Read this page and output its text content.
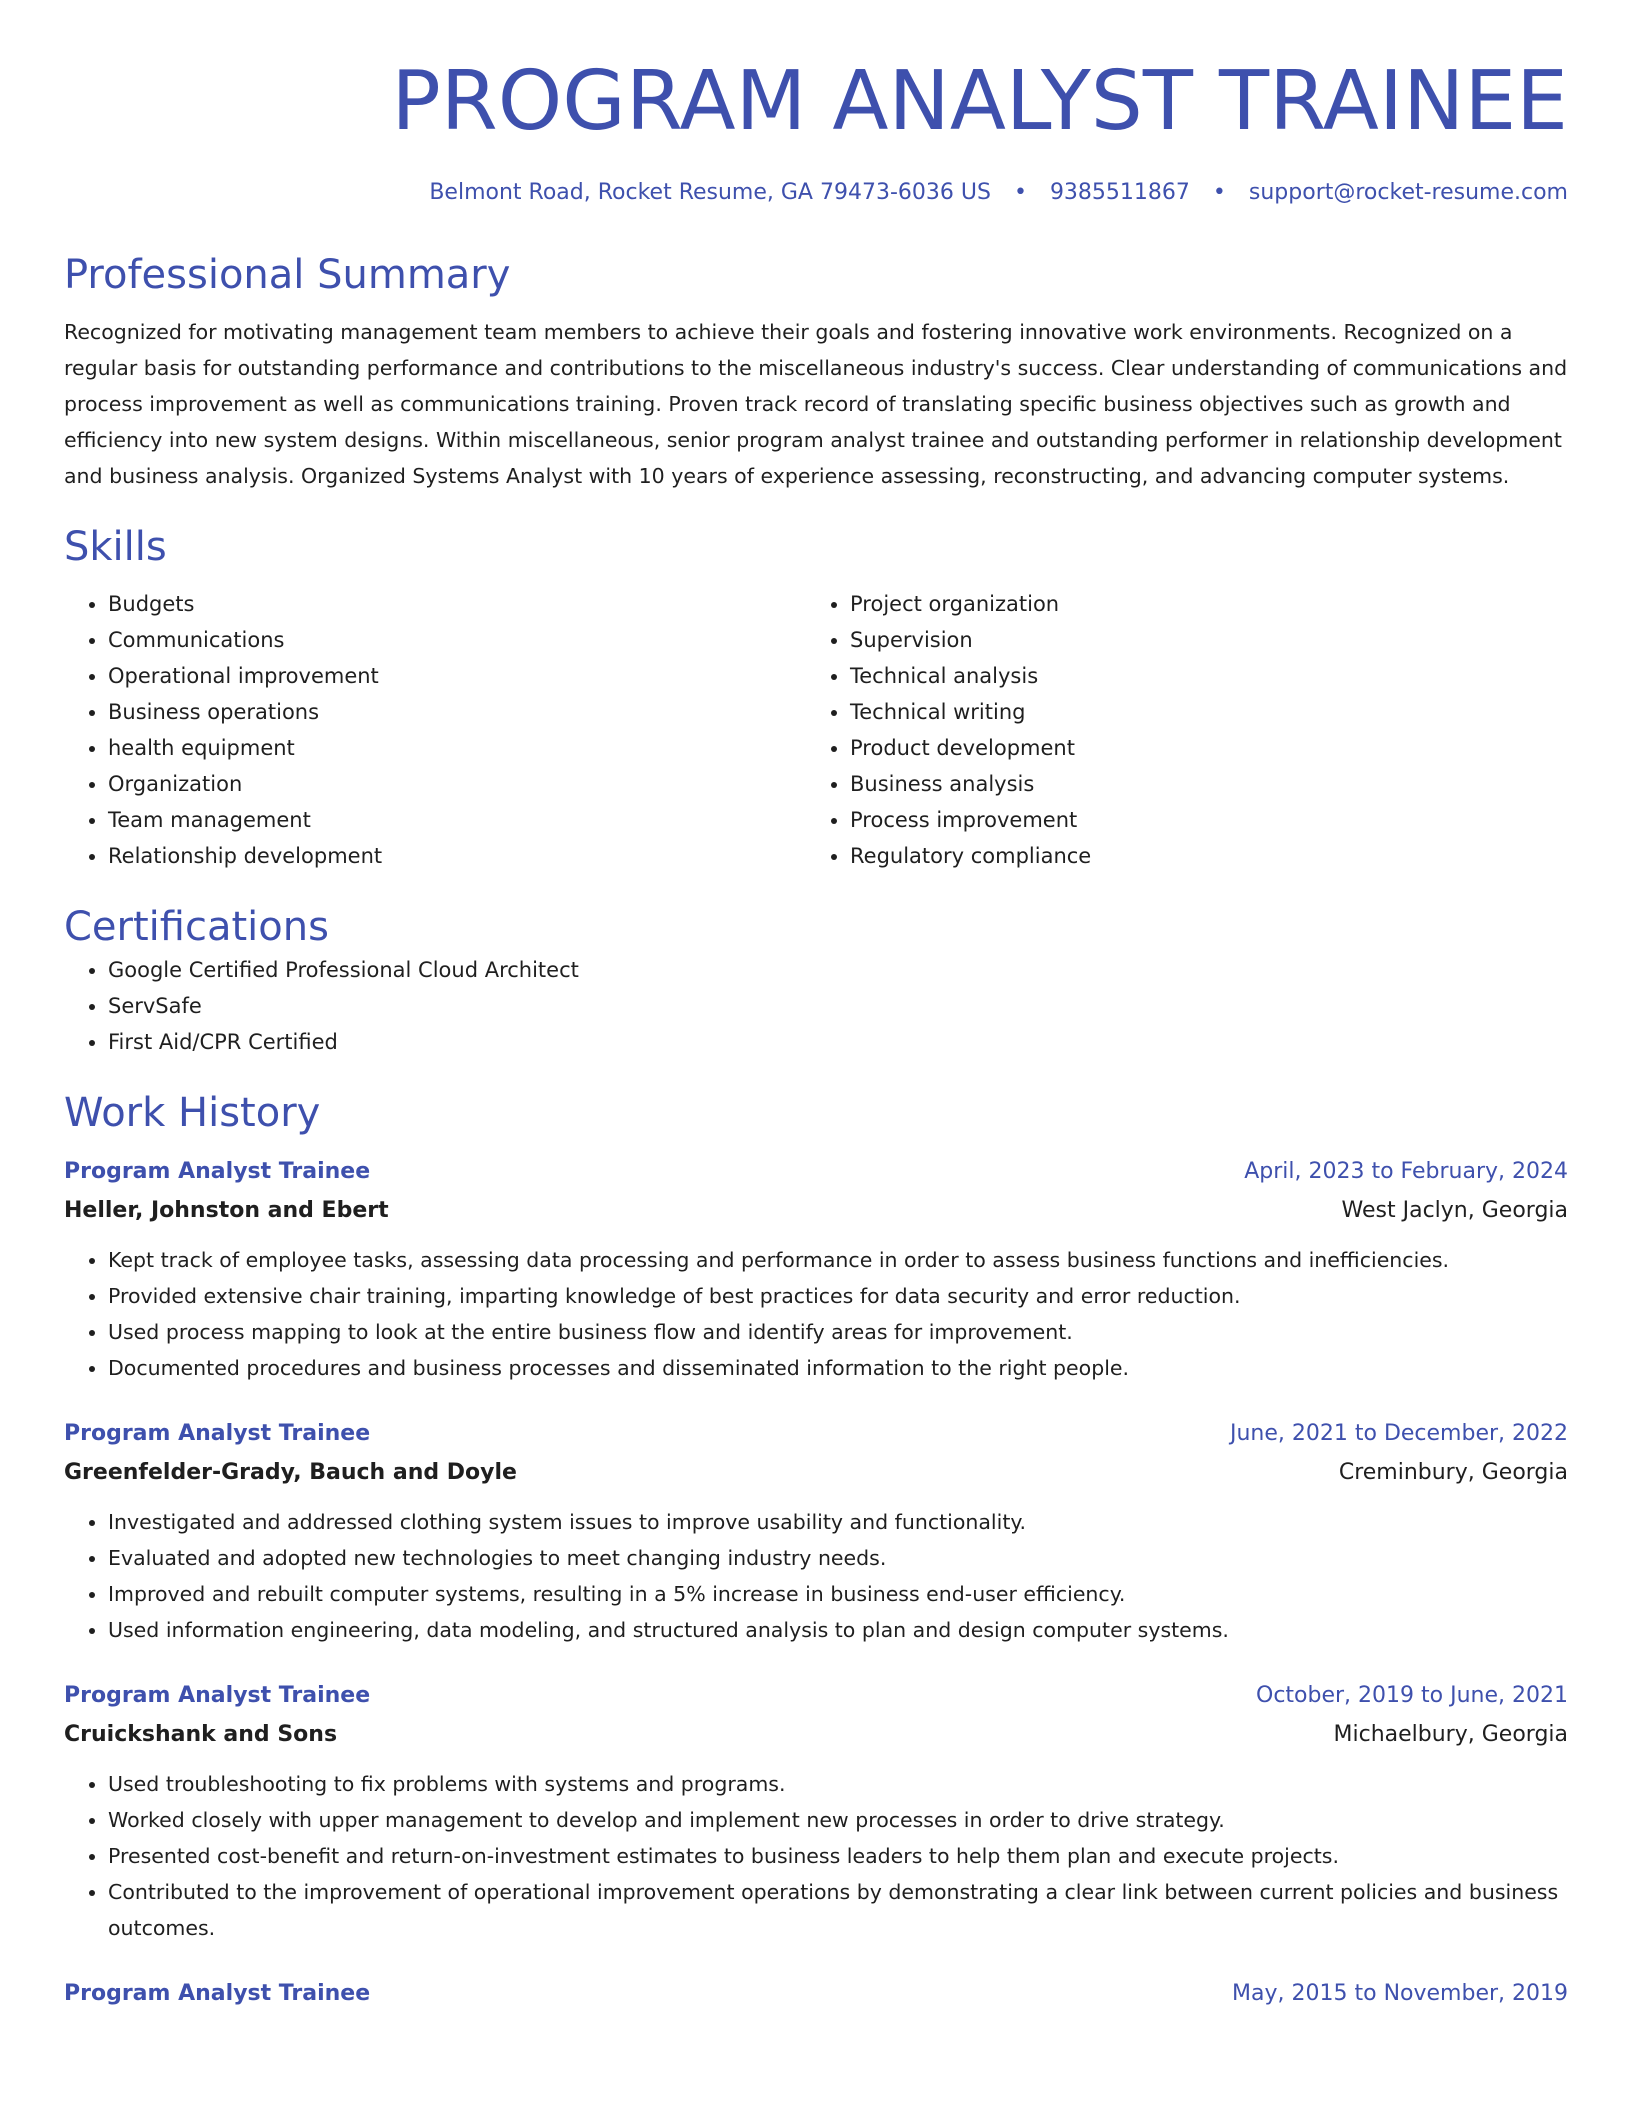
PROGRAM ANALYST TRAINEE
Belmont Road, Rocket Resume, GA 79473-6036 US • 9385511867 • support@rocket-resume.com
Professional Summary

Recognized for motivating management team members to achieve their goals and fostering innovative work environments. Recognized on a regular basis for outstanding performance and contributions to the miscellaneous industry's success. Clear understanding of communications and process improvement as well as communications training. Proven track record of translating specific business objectives such as growth and efficiency into new system designs. Within miscellaneous, senior program analyst trainee and outstanding performer in relationship development and business analysis. Organized Systems Analyst with 10 years of experience assessing, reconstructing, and advancing computer systems.

Skills
• Budgets
• Communications
• Operational improvement
• Business operations
• health equipment
• Organization
• Team management
• Relationship development
• Project organization
• Supervision
• Technical analysis
• Technical writing
• Product development
• Business analysis
• Process improvement
• Regulatory compliance
Certifications
• Google Certified Professional Cloud Architect
• ServSafe
• First Aid/CPR Certified
Work History
Program Analyst Trainee	April, 2023 to February, 2024
Heller, Johnston and Ebert	West Jaclyn, Georgia
• Kept track of employee tasks, assessing data processing and performance in order to assess business functions and inefficiencies.
• Provided extensive chair training, imparting knowledge of best practices for data security and error reduction.
• Used process mapping to look at the entire business flow and identify areas for improvement.
• Documented procedures and business processes and disseminated information to the right people.
Program Analyst Trainee	June, 2021 to December, 2022
Greenfelder-Grady, Bauch and Doyle	Creminbury, Georgia
• Investigated and addressed clothing system issues to improve usability and functionality.
• Evaluated and adopted new technologies to meet changing industry needs.
• Improved and rebuilt computer systems, resulting in a 5% increase in business end-user efficiency.
• Used information engineering, data modeling, and structured analysis to plan and design computer systems.
Program Analyst Trainee	October, 2019 to June, 2021
Cruickshank and Sons	Michaelbury, Georgia
• Used troubleshooting to fix problems with systems and programs.
• Worked closely with upper management to develop and implement new processes in order to drive strategy.
• Presented cost-benefit and return-on-investment estimates to business leaders to help them plan and execute projects.
• Contributed to the improvement of operational improvement operations by demonstrating a clear link between current policies and business outcomes.
Program Analyst Trainee	May, 2015 to November, 2019
